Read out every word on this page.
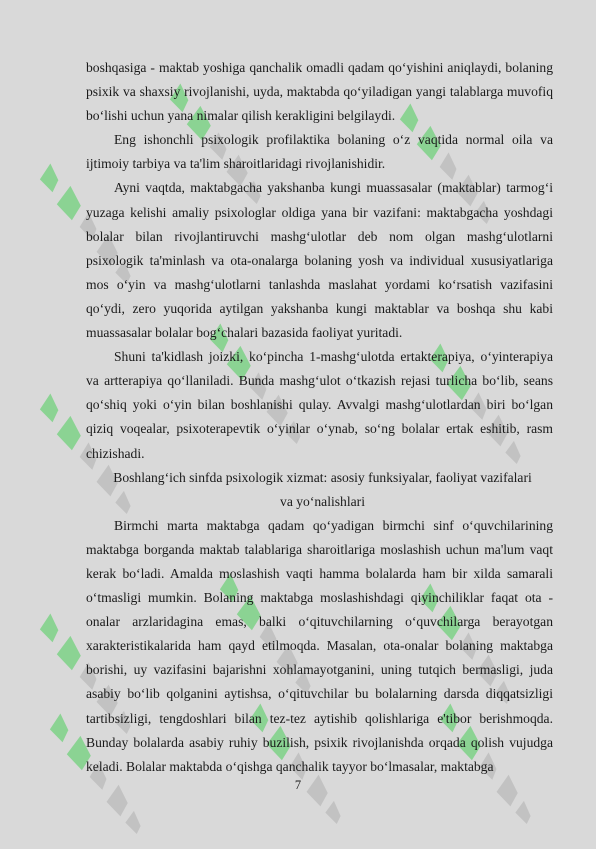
boshqasiga - maktab yoshiga qanchalik omadli qadam qo‘yishini aniqlaydi, bolaning psixik va shaxsiy rivojlanishi, uyda, maktabda qo‘yiladigan yangi talablarga muvofiq bo‘lishi uchun yana nimalar qilish kerakligini belgilaydi.

Eng ishonchli psixologik profilaktika bolaning o‘z vaqtida normal oila va ijtimoiy tarbiya va ta'lim sharoitlaridagi rivojlanishidir.

Ayni vaqtda, maktabgacha yakshanba kungi muassasalar (maktablar) tarmog‘i yuzaga kelishi amaliy psixologlar oldiga yana bir vazifani: maktabgacha yoshdagi bolalar bilan rivojlantiruvchi mashg‘ulotlar deb nom olgan mashg‘ulotlarni psixologik ta'minlash va ota-onalarga bolaning yosh va individual xususiyatlariga mos o‘yin va mashg‘ulotlarni tanlashda maslahat yordami ko‘rsatish vazifasini qo‘ydi, zero yuqorida aytilgan yakshanba kungi maktablar va boshqa shu kabi muassasalar bolalar bog‘chalari bazasida faoliyat yuritadi.

Shuni ta'kidlash joizki, ko‘pincha 1-mashg‘ulotda ertakterapiya, o‘yinterapiya va artterapiya qo‘llaniladi. Bunda mashg‘ulot o‘tkazish rejasi turlicha bo‘lib, seans qo‘shiq yoki o‘yin bilan boshlanishi qulay. Avvalgi mashg‘ulotlardan biri bo‘lgan qiziq voqealar, psixoterapevtik o‘yinlar o‘ynab, so‘ng bolalar ertak eshitib, rasm chizishadi.

Boshlang‘ich sinfda psixologik xizmat: asosiy funksiyalar, faoliyat vazifalari

va yo‘nalishlari

Birmchi marta maktabga qadam qo‘yadigan birmchi sinf o‘quvchilarining maktabga borganda maktab talablariga sharoitlariga moslashish uchun ma'lum vaqt kerak bo‘ladi. Amalda moslashish vaqti hamma bolalarda ham bir xilda samarali o‘tmasligi mumkin. Bolaning maktabga moslashishdagi qiyinchiliklar faqat ota - onalar arzlaridagina emas, balki o‘qituvchilarning o‘quvchilarga berayotgan xarakteristikalarida ham qayd etilmoqda. Masalan, ota-onalar bolaning maktabga borishi, uy vazifasini bajarishni xohlamayotganini, uning tutqich bermasligi, juda asabiy bo‘lib qolganini aytishsa, o‘qituvchilar bu bolalarning darsda diqqatsizligi tartibsizligi, tengdoshlari bilan tez-tez aytishib qolishlariga e'tibor berishmoqda. Bunday bolalarda asabiy ruhiy buzilish, psixik rivojlanishda orqada qolish vujudga keladi. Bolalar maktabda o‘qishga qanchalik tayyor bo‘lmasalar, maktabga

7
